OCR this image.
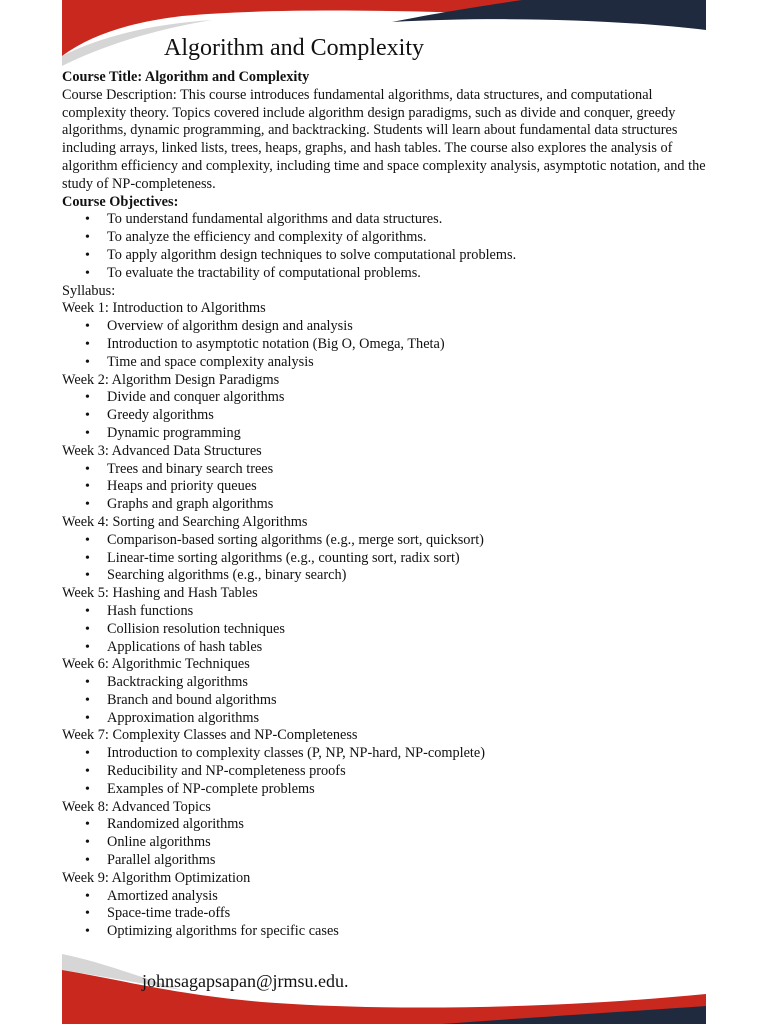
Algorithm and Complexity

Course Title: Algorithm and Complexity

Course Description: This course introduces fundamental algorithms, data structures, and computational complexity theory. Topics covered include algorithm design paradigms, such as divide and conquer, greedy algorithms, dynamic programming, and backtracking. Students will learn about fundamental data structures including arrays, linked lists, trees, heaps, graphs, and hash tables. The course also explores the analysis of algorithm efficiency and complexity, including time and space complexity analysis, asymptotic notation, and the study of NP-completeness.

Course Objectives:

• To understand fundamental algorithms and data structures.
• To analyze the efficiency and complexity of algorithms.
• To apply algorithm design techniques to solve computational problems.
• To evaluate the tractability of computational problems.

Syllabus:

Week 1: Introduction to Algorithms

• Overview of algorithm design and analysis
• Introduction to asymptotic notation (Big O, Omega, Theta)
• Time and space complexity analysis

Week 2: Algorithm Design Paradigms

• Divide and conquer algorithms
• Greedy algorithms
• Dynamic programming

Week 3: Advanced Data Structures

• Trees and binary search trees
• Heaps and priority queues
• Graphs and graph algorithms

Week 4: Sorting and Searching Algorithms

• Comparison-based sorting algorithms (e.g., merge sort, quicksort)
• Linear-time sorting algorithms (e.g., counting sort, radix sort)
• Searching algorithms (e.g., binary search)

Week 5: Hashing and Hash Tables

• Hash functions
• Collision resolution techniques
• Applications of hash tables

Week 6: Algorithmic Techniques

• Backtracking algorithms
• Branch and bound algorithms
• Approximation algorithms

Week 7: Complexity Classes and NP-Completeness

• Introduction to complexity classes (P, NP, NP-hard, NP-complete)
• Reducibility and NP-completeness proofs
• Examples of NP-complete problems

Week 8: Advanced Topics

• Randomized algorithms
• Online algorithms
• Parallel algorithms

Week 9: Algorithm Optimization

• Amortized analysis
• Space-time trade-offs
• Optimizing algorithms for specific cases
johnsagapsapan@jrmsu.edu.
